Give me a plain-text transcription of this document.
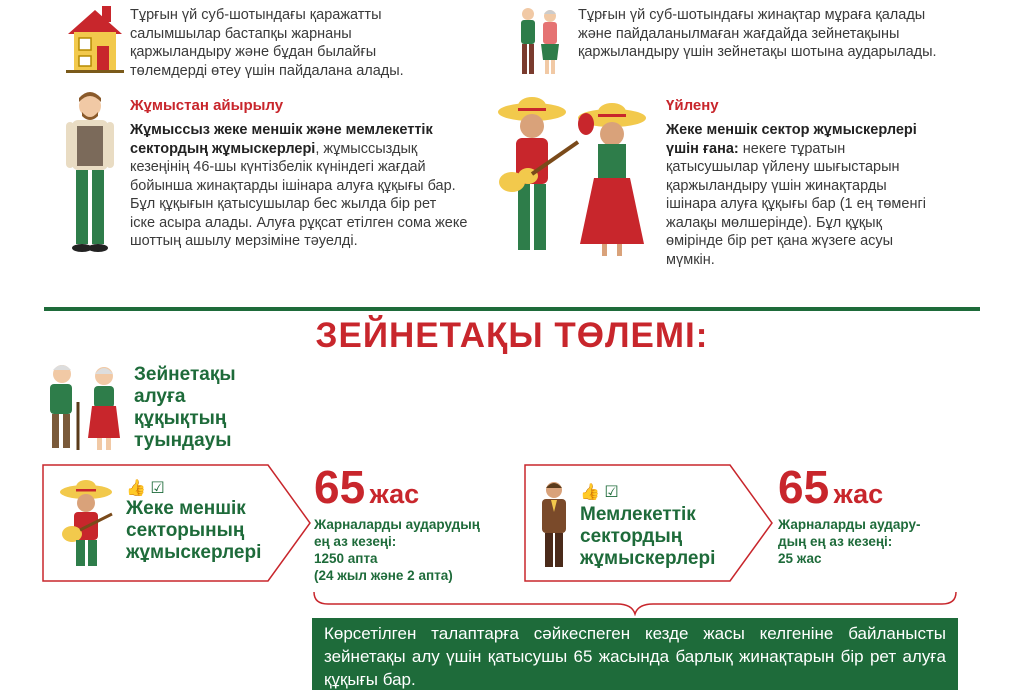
Тұрғын үй суб-шотындағы қаражатты
салымшылар бастапқы жарнаны
қаржыландыру және бұдан былайғы
төлемдерді өтеу үшін пайдалана алады.
Тұрғын үй суб-шотындағы жинақтар мұраға қалады
және пайдаланылмаған жағдайда зейнетақыны
қаржыландыру үшін зейнетақы шотына аударылады.
Жұмыстан айырылу
Жұмыссыз жеке меншік және мемлекеттік
сектордың жұмыскерлері, жұмыссыздық
кезеңінің 46-шы күнтізбелік күніндегі жағдай
бойынша жинақтарды ішінара алуға құқығы бар.
Бұл құқығын қатысушылар бес жылда бір рет
іске асыра алады. Алуға рұқсат етілген сома жеке
шоттың ашылу мерзіміне тәуелді.
Үйлену
Жеке меншік сектор жұмыскерлері
үшін ғана: некеге тұратын
қатысушылар үйлену шығыстарын
қаржыландыру үшін жинақтарды
ішінара алуға құқығы бар (1 ең төменгі
жалақы мөлшерінде). Бұл құқық
өмірінде бір рет қана жүзеге асуы
мүмкін.
ЗЕЙНЕТАҚЫ ТӨЛЕМІ:
Зейнетақы
алуға
құқықтың
туындауы
👍 ☑
Жеке меншік
секторының
жұмыскерлері
65 жас
Жарналарды аударудың
ең аз кезеңі:
1250 апта
(24 жыл және 2 апта)
👍 ☑
Мемлекеттік
сектордың
жұмыскерлері
65 жас
Жарналарды аудару-
дың ең аз кезеңі:
25 жас
Көрсетілген талаптарға сәйкеспеген кезде жасы келгеніне байланысты зейнетақы алу үшін қатысушы 65 жасында барлық жинақтарын бір рет алуға құқығы бар.
